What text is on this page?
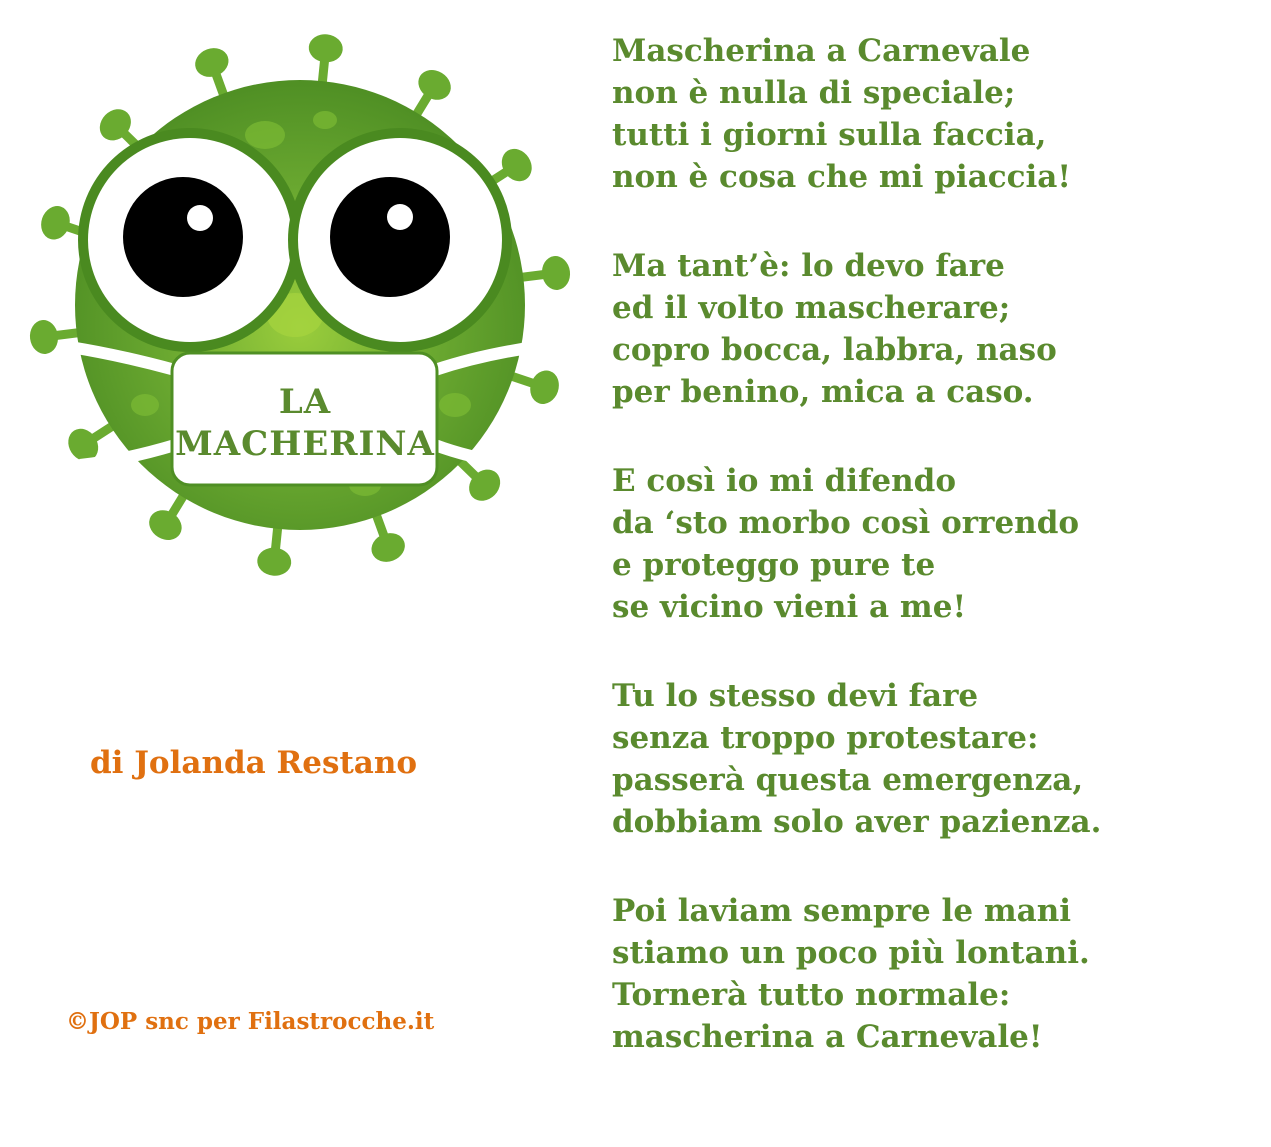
LA
MACHERINA
di Jolanda Restano
©JOP snc per Filastrocche.it
Mascherina a Carnevale
non è nulla di speciale;
tutti i giorni sulla faccia,
non è cosa che mi piaccia!
Ma tant’è: lo devo fare
ed il volto mascherare;
copro bocca, labbra, naso
per benino, mica a caso.
E così io mi difendo
da ‘sto morbo così orrendo
e proteggo pure te
se vicino vieni a me!
Tu lo stesso devi fare
senza troppo protestare:
passerà questa emergenza,
dobbiam solo aver pazienza.
Poi laviam sempre le mani
stiamo un poco più lontani.
Tornerà tutto normale:
mascherina a Carnevale!
